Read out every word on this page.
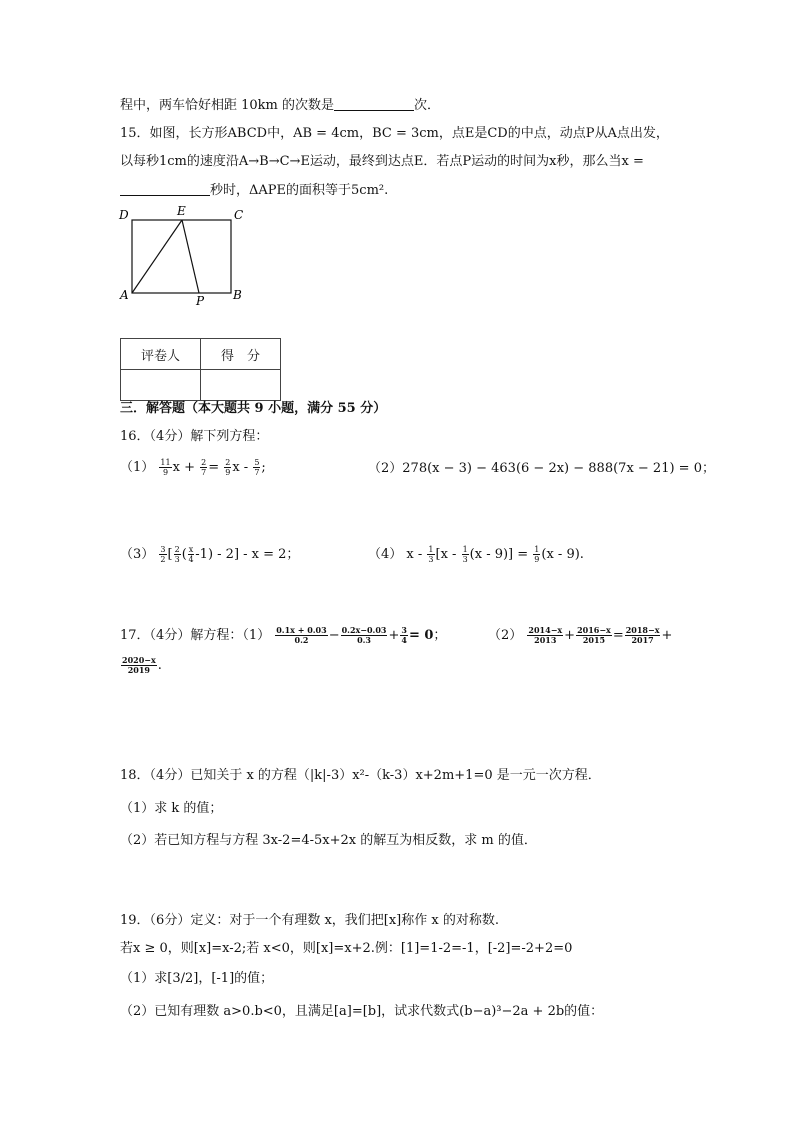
程中，两车恰好相距 10km 的次数是	次．
15．如图，长方形ABCD中，AB = 4cm，BC = 3cm，点E是CD的中点，动点P从A点出发，
以每秒1cm的速度沿A→B→C→E运动，最终到达点E．若点P运动的时间为x秒，那么当x =
秒时，ΔAPE的面积等于5cm².
D	E	C
A	P B
评卷人	得　分

三．解答题（本大题共 9 小题，满分 55 分）
16．（4分）解下列方程：
$(1) \frac{11}{9}$ $x + \frac{2}{7} = \frac{2}{9}$ x - $\frac{5}{7}$ ;	（2）278(x − 3) − 463(6 − 2x) − 888(7x − 21) = 0；
$(3) \frac{3}{2}$ [ $\frac{2}{3}$ ( $\frac{x}{4} -1) - 2] - x = 2$；	（4） $x - \frac{1}{3} [x - \frac{1}{3} (x - 9)] = \frac{1}{9} (x - 9)$.
17．（4分）解方程：$(1) \frac{0.1x + 0.03}{0.2} - \frac{0.2x-0.03}{0.3} + \frac{3}{4} = 0$；	$(2) \frac{2014-x}{2013} + \frac{2016-x}{2015} = \frac{2018-x}{2017}$ +
$\frac{2020-x}{2019}$ .
18．（4分）已知关于 x 的方程（|k|-3）x²-（k-3）x+2m+1=0 是一元一次方程．
（1）求 k 的值；
（2）若已知方程与方程 3x-2=4-5x+2x 的解互为相反数，求 m 的值．
19．（6分）定义：对于一个有理数 x，我们把[x]称作 x 的对称数.
若x ≥ 0，则[x]=x-2;若 x<0，则[x]=x+2.例：[1]=1-2=-1，[-2]=-2+2=0
（1）求[3/2]，[-1]的值；
（2）已知有理数 a>0.b<0，且满足[a]=[b]，试求代数式(b−a)³−2a + 2b的值：
